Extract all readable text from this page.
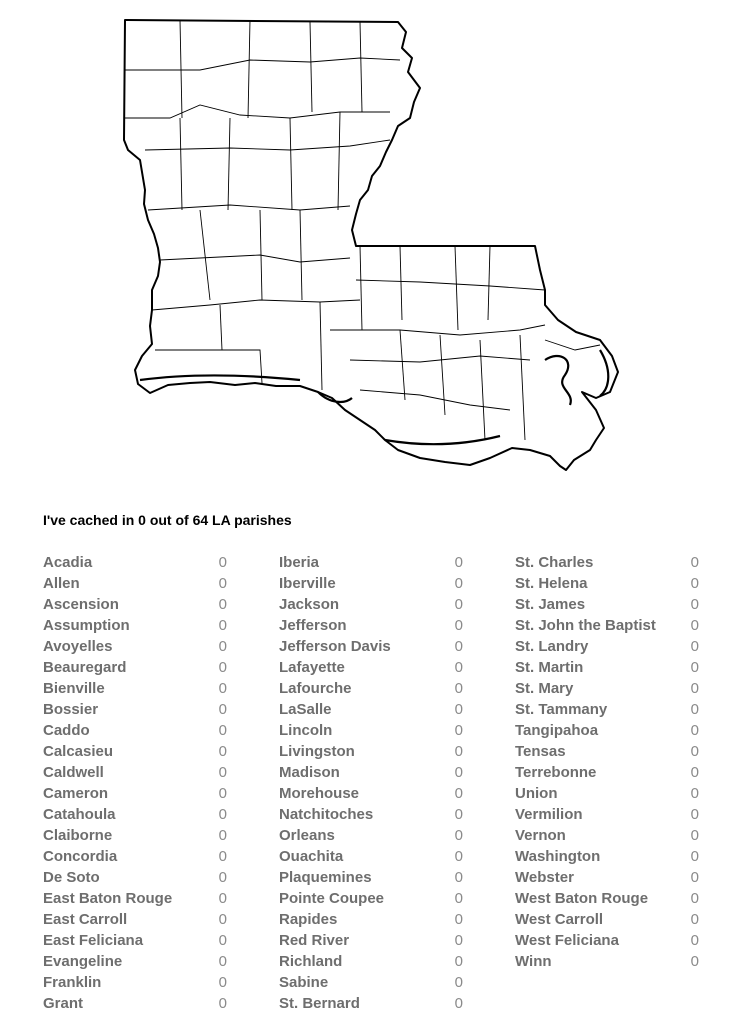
I've cached in 0 out of 64 LA parishes
Acadia	0
Allen	0
Ascension	0
Assumption	0
Avoyelles	0
Beauregard	0
Bienville	0
Bossier	0
Caddo	0
Calcasieu	0
Caldwell	0
Cameron	0
Catahoula	0
Claiborne	0
Concordia	0
De Soto	0
East Baton Rouge	0
East Carroll	0
East Feliciana	0
Evangeline	0
Franklin	0
Grant	0
Iberia	0
Iberville	0
Jackson	0
Jefferson	0
Jefferson Davis	0
Lafayette	0
Lafourche	0
LaSalle	0
Lincoln	0
Livingston	0
Madison	0
Morehouse	0
Natchitoches	0
Orleans	0
Ouachita	0
Plaquemines	0
Pointe Coupee	0
Rapides	0
Red River	0
Richland	0
Sabine	0
St. Bernard	0
St. Charles	0
St. Helena	0
St. James	0
St. John the Baptist 0
St. Landry	0
St. Martin	0
St. Mary	0
St. Tammany	0
Tangipahoa	0
Tensas	0
Terrebonne	0
Union	0
Vermilion	0
Vernon	0
Washington	0
Webster	0
West Baton Rouge	0
West Carroll	0
West Feliciana	0
Winn	0
